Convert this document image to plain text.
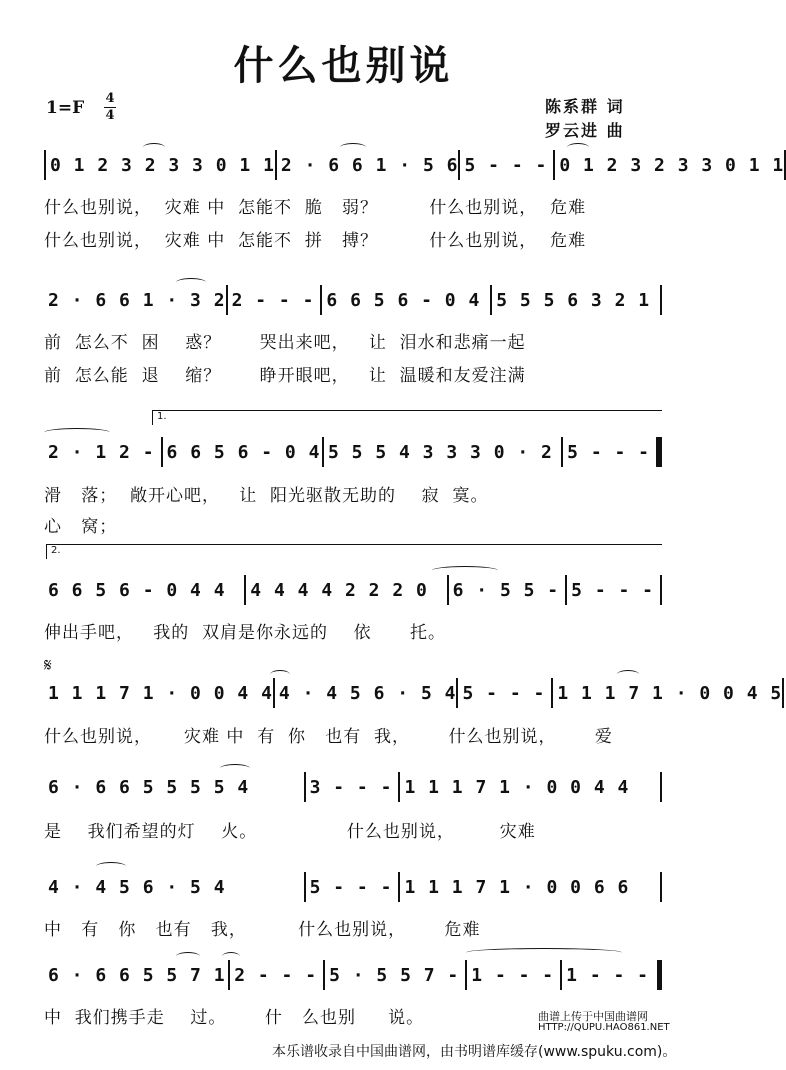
什么也别说
1=F 4
4	陈系群 词
罗云进 曲
0 1 2 3 2 3 3 0 1 1 2 · 6 6 1 · 5 6 5 - - - 0 1 2 3 2 3 3 0 1 1
什么也别说，  灾难 中  怎能不  脆   弱？        什么也别说，  危难
什么也别说，  灾难 中  怎能不  拼   搏？        什么也别说，  危难
2 · 6 6 1 · 3 2 2 - - - 6 6 5 6 - 0 4 5 5 5 6 3 2 1
前  怎么不  困    惑？      哭出来吧，   让  泪水和悲痛一起
前  怎么能  退    缩？      睁开眼吧，   让  温暖和友爱注满
1.
2 · 1 2 - 6 6 5 6 - 0 4 5 5 5 4 3 3 3 0 · 2 5 - - -
滑   落；  敞开心吧，   让  阳光驱散无助的    寂  寞。
心   窝；
2.
6 6 5 6 - 0 4 4	4 4 4 4 2 2 2 0	6 · 5 5 - 5 - - -
伸出手吧，   我的  双肩是你永远的    依      托。
𝄋
1 1 1 7 1 · 0 0 4 4 4 · 4 5 6 · 5 4 5 - - - 1 1 1 7 1 · 0 0 4 5
什么也别说，     灾难 中  有  你   也有  我，      什么也别说，      爱
6 · 6 6 5 5 5 5 4	3 - - - 1 1 1 7 1 · 0 0 4 4
是    我们希望的灯    火。              什么也别说，       灾难
4 · 4 5 6 · 5 4	5 - - - 1 1 1 7 1 · 0 0 6 6
中   有   你   也有   我，        什么也别说，      危难
6 · 6 6 5 5 7 1 2 - - - 5 · 5 5 7 - 1 - - - 1 - - -
中  我们携手走    过。      什   么也别     说。	曲谱上传于中国曲谱网
HTTP://QUPU.HAO861.NET
本乐谱收录自中国曲谱网，由书明谱库缓存(www.spuku.com)。
